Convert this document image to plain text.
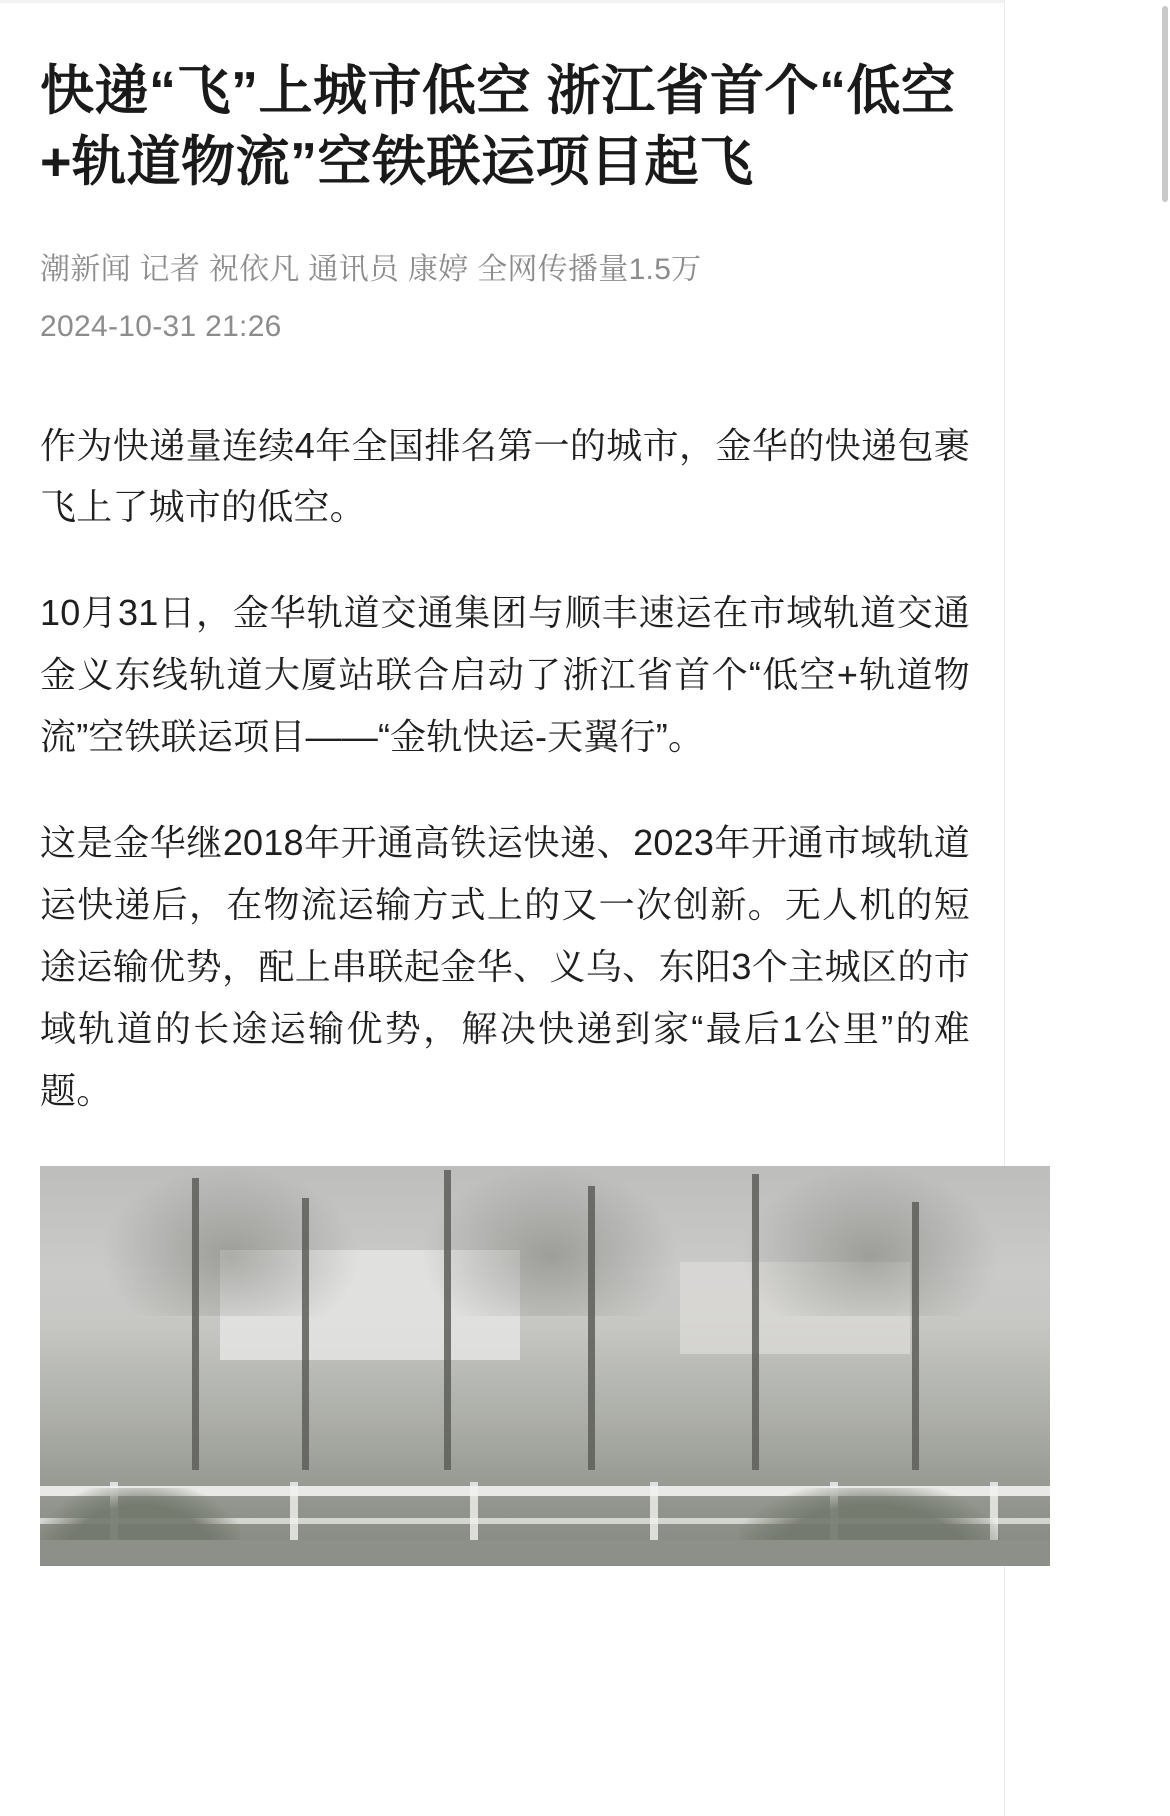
快递“飞”上城市低空 浙江省首个“低空+轨道物流”空铁联运项目起飞
潮新闻 记者 祝依凡 通讯员 康婷 全网传播量1.5万
2024-10-31 21:26

作为快递量连续4年全国排名第一的城市，金华的快递包裹飞上了城市的低空。

10月31日，金华轨道交通集团与顺丰速运在市域轨道交通金义东线轨道大厦站联合启动了浙江省首个“低空+轨道物流”空铁联运项目——“金轨快运-天翼行”。

这是金华继2018年开通高铁运快递、2023年开通市域轨道运快递后，在物流运输方式上的又一次创新。无人机的短途运输优势，配上串联起金华、义乌、东阳3个主城区的市域轨道的长途运输优势，解决快递到家“最后1公里”的难题。
